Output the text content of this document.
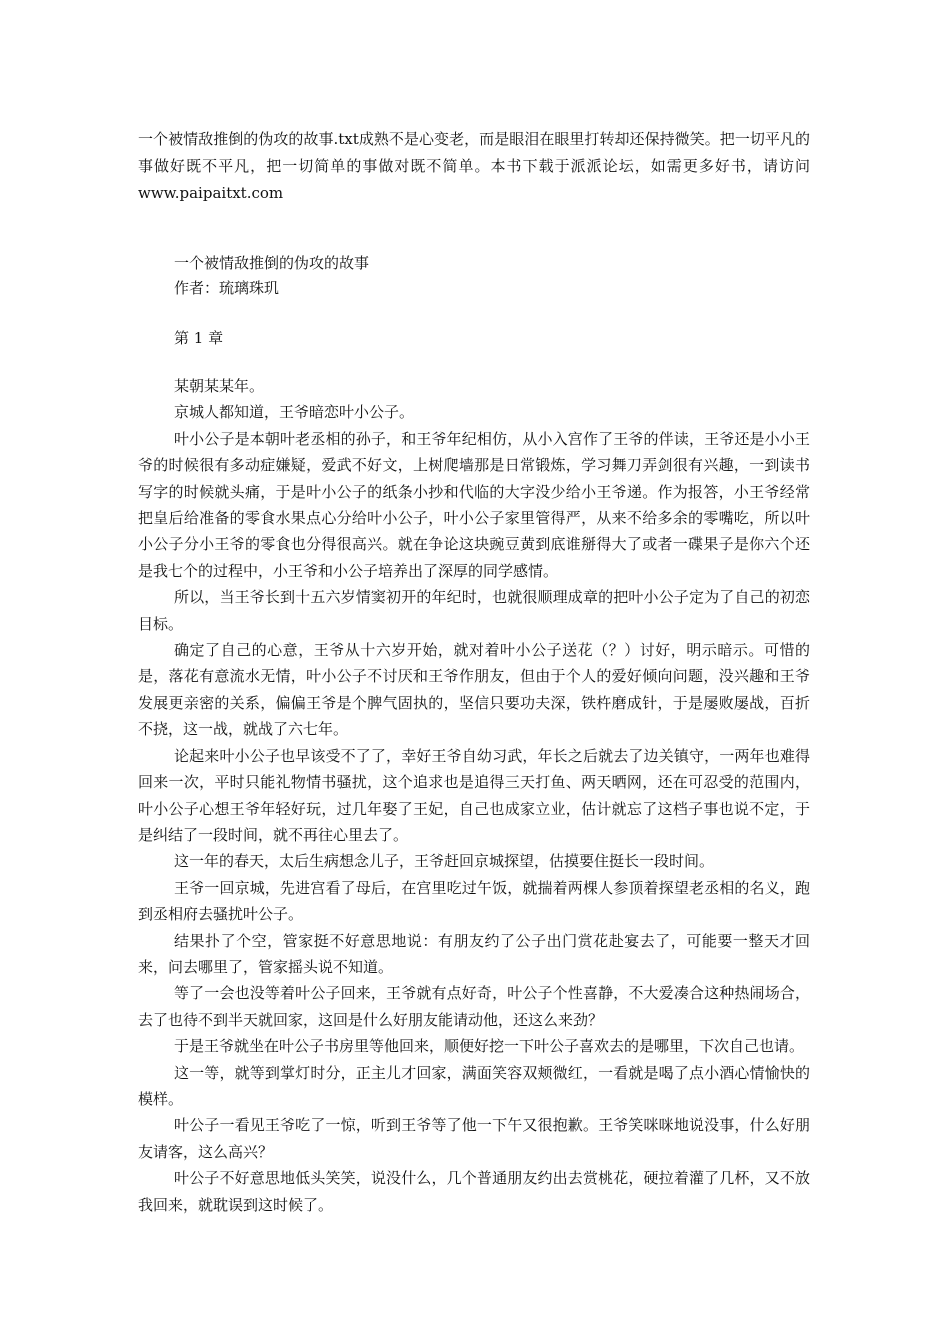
一个被情敌推倒的伪攻的故事.txt成熟不是心变老，而是眼泪在眼里打转却还保持微笑。把一切平凡的事做好既不平凡，把一切简单的事做对既不简单。本书下载于派派论坛，如需更多好书，请访问www.paipaitxt.com
一个被情敌推倒的伪攻的故事
作者：琉璃珠玑
第 1 章

某朝某某年。

京城人都知道，王爷暗恋叶小公子。

叶小公子是本朝叶老丞相的孙子，和王爷年纪相仿，从小入宫作了王爷的伴读，王爷还是小小王爷的时候很有多动症嫌疑，爱武不好文，上树爬墙那是日常锻炼，学习舞刀弄剑很有兴趣，一到读书写字的时候就头痛，于是叶小公子的纸条小抄和代临的大字没少给小王爷递。作为报答，小王爷经常把皇后给准备的零食水果点心分给叶小公子，叶小公子家里管得严，从来不给多余的零嘴吃，所以叶小公子分小王爷的零食也分得很高兴。就在争论这块豌豆黄到底谁掰得大了或者一碟果子是你六个还是我七个的过程中，小王爷和小公子培养出了深厚的同学感情。

所以，当王爷长到十五六岁情窦初开的年纪时，也就很顺理成章的把叶小公子定为了自己的初恋目标。

确定了自己的心意，王爷从十六岁开始，就对着叶小公子送花（？）讨好，明示暗示。可惜的是，落花有意流水无情，叶小公子不讨厌和王爷作朋友，但由于个人的爱好倾向问题，没兴趣和王爷发展更亲密的关系，偏偏王爷是个脾气固执的，坚信只要功夫深，铁杵磨成针，于是屡败屡战，百折不挠，这一战，就战了六七年。

论起来叶小公子也早该受不了了，幸好王爷自幼习武，年长之后就去了边关镇守，一两年也难得回来一次，平时只能礼物情书骚扰，这个追求也是追得三天打鱼、两天晒网，还在可忍受的范围内，叶小公子心想王爷年轻好玩，过几年娶了王妃，自己也成家立业，估计就忘了这档子事也说不定，于是纠结了一段时间，就不再往心里去了。

这一年的春天，太后生病想念儿子，王爷赶回京城探望，估摸要住挺长一段时间。

王爷一回京城，先进宫看了母后，在宫里吃过午饭，就揣着两棵人参顶着探望老丞相的名义，跑到丞相府去骚扰叶公子。

结果扑了个空，管家挺不好意思地说：有朋友约了公子出门赏花赴宴去了，可能要一整天才回来，问去哪里了，管家摇头说不知道。

等了一会也没等着叶公子回来，王爷就有点好奇，叶公子个性喜静，不大爱凑合这种热闹场合，去了也待不到半天就回家，这回是什么好朋友能请动他，还这么来劲？

于是王爷就坐在叶公子书房里等他回来，顺便好挖一下叶公子喜欢去的是哪里，下次自己也请。

这一等，就等到掌灯时分，正主儿才回家，满面笑容双颊微红，一看就是喝了点小酒心情愉快的模样。

叶公子一看见王爷吃了一惊，听到王爷等了他一下午又很抱歉。王爷笑咪咪地说没事，什么好朋友请客，这么高兴？

叶公子不好意思地低头笑笑，说没什么，几个普通朋友约出去赏桃花，硬拉着灌了几杯，又不放我回来，就耽误到这时候了。
